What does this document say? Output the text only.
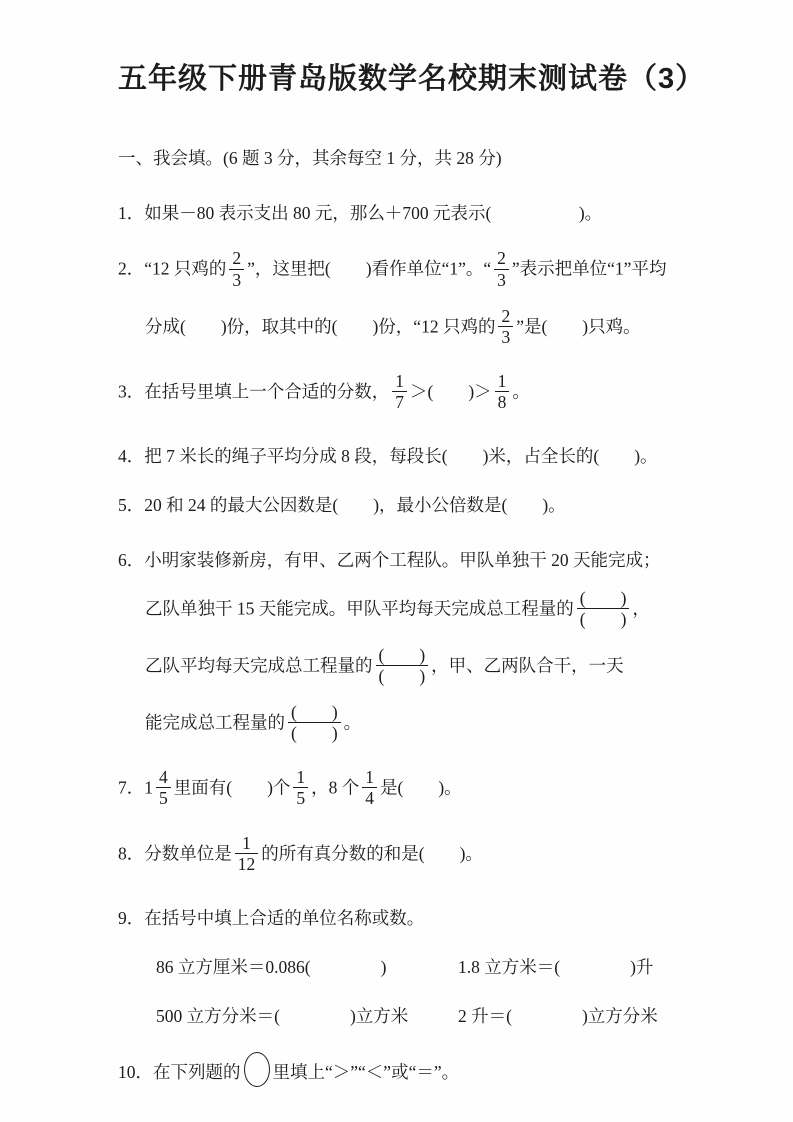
五年级下册青岛版数学名校期末测试卷（3）
一、我会填。(6 题 3 分，其余每空 1 分，共 28 分)
1．如果－80 表示支出 80 元，那么＋700 元表示(　　　　　)。
2．“12 只鸡的 $\frac{2}{3}$ ”，这里把(　　)看作单位“1”。“ $\frac{2}{3}$ ”表示把单位“1”平均
分成(　　)份，取其中的(　　)份，“12 只鸡的 $\frac{2}{3}$ ”是(　　)只鸡。
3．在括号里填上一个合适的分数， $\frac{1}{7}$ ＞(　　)＞ $\frac{1}{8}$ 。
4．把 7 米长的绳子平均分成 8 段，每段长(　　)米，占全长的(　　)。
5．20 和 24 的最大公因数是(　　)，最小公倍数是(　　)。
6．小明家装修新房，有甲、乙两个工程队。甲队单独干 20 天能完成；
乙队单独干 15 天能完成。甲队平均每天完成总工程量的 $\frac{( )}{( )}$ ，
乙队平均每天完成总工程量的 $\frac{( )}{( )}$ ，甲、乙两队合干，一天
能完成总工程量的 $\frac{( )}{( )}$ 。
7．$1 \frac{4}{5}$ 里面有(　　)个 $\frac{1}{5}$ ，8 个 $\frac{1}{4}$ 是(　　)。
8．分数单位是 $\frac{1}{12}$ 的所有真分数的和是(　　)。
9．在括号中填上合适的单位名称或数。
86 立方厘米＝0.086(　　　　)	1.8 立方米＝(　　　　)升
500 立方分米＝(　　　　)立方米	2 升＝(　　　　)立方分米
10．在下列题的 里填上“＞”“＜”或“＝”。
